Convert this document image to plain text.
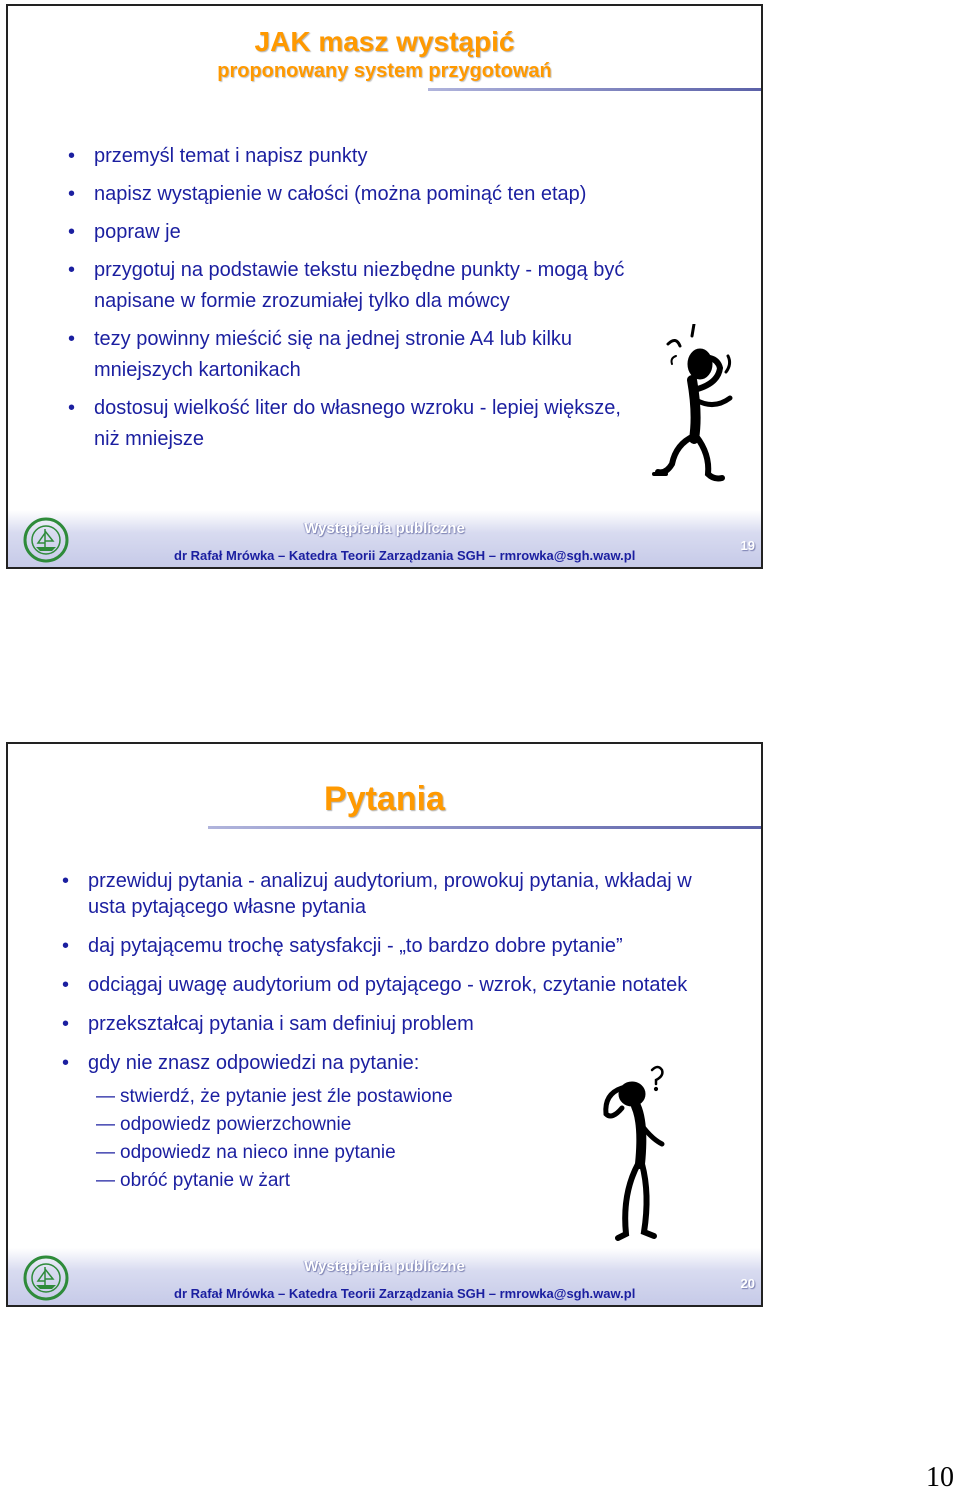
JAK masz wystąpić
proponowany system przygotowań
• przemyśl temat i napisz punkty
• napisz wystąpienie w całości (można pominąć ten etap)
• popraw je
• przygotuj na podstawie tekstu niezbędne punkty - mogą być napisane w formie zrozumiałej tylko dla mówcy
• tezy powinny mieścić się na jednej stronie A4 lub kilku mniejszych kartonikach
• dostosuj wielkość liter do własnego wzroku - lepiej większe, niż mniejsze
Wystąpienia publiczne
dr Rafał Mrówka – Katedra Teorii Zarządzania SGH – rmrowka@sgh.waw.pl
19
Pytania
• przewiduj pytania - analizuj audytorium, prowokuj pytania, wkładaj w usta pytającego własne pytania
• daj pytającemu trochę satysfakcji - „to bardzo dobre pytanie”
• odciągaj uwagę audytorium od pytającego - wzrok, czytanie notatek
• przekształcaj pytania i sam definiuj problem
• gdy nie znasz odpowiedzi na pytanie:
— stwierdź, że pytanie jest źle postawione
— odpowiedz powierzchownie
— odpowiedz na nieco inne pytanie
— obróć pytanie w żart
Wystąpienia publiczne
dr Rafał Mrówka – Katedra Teorii Zarządzania SGH – rmrowka@sgh.waw.pl
20
10
